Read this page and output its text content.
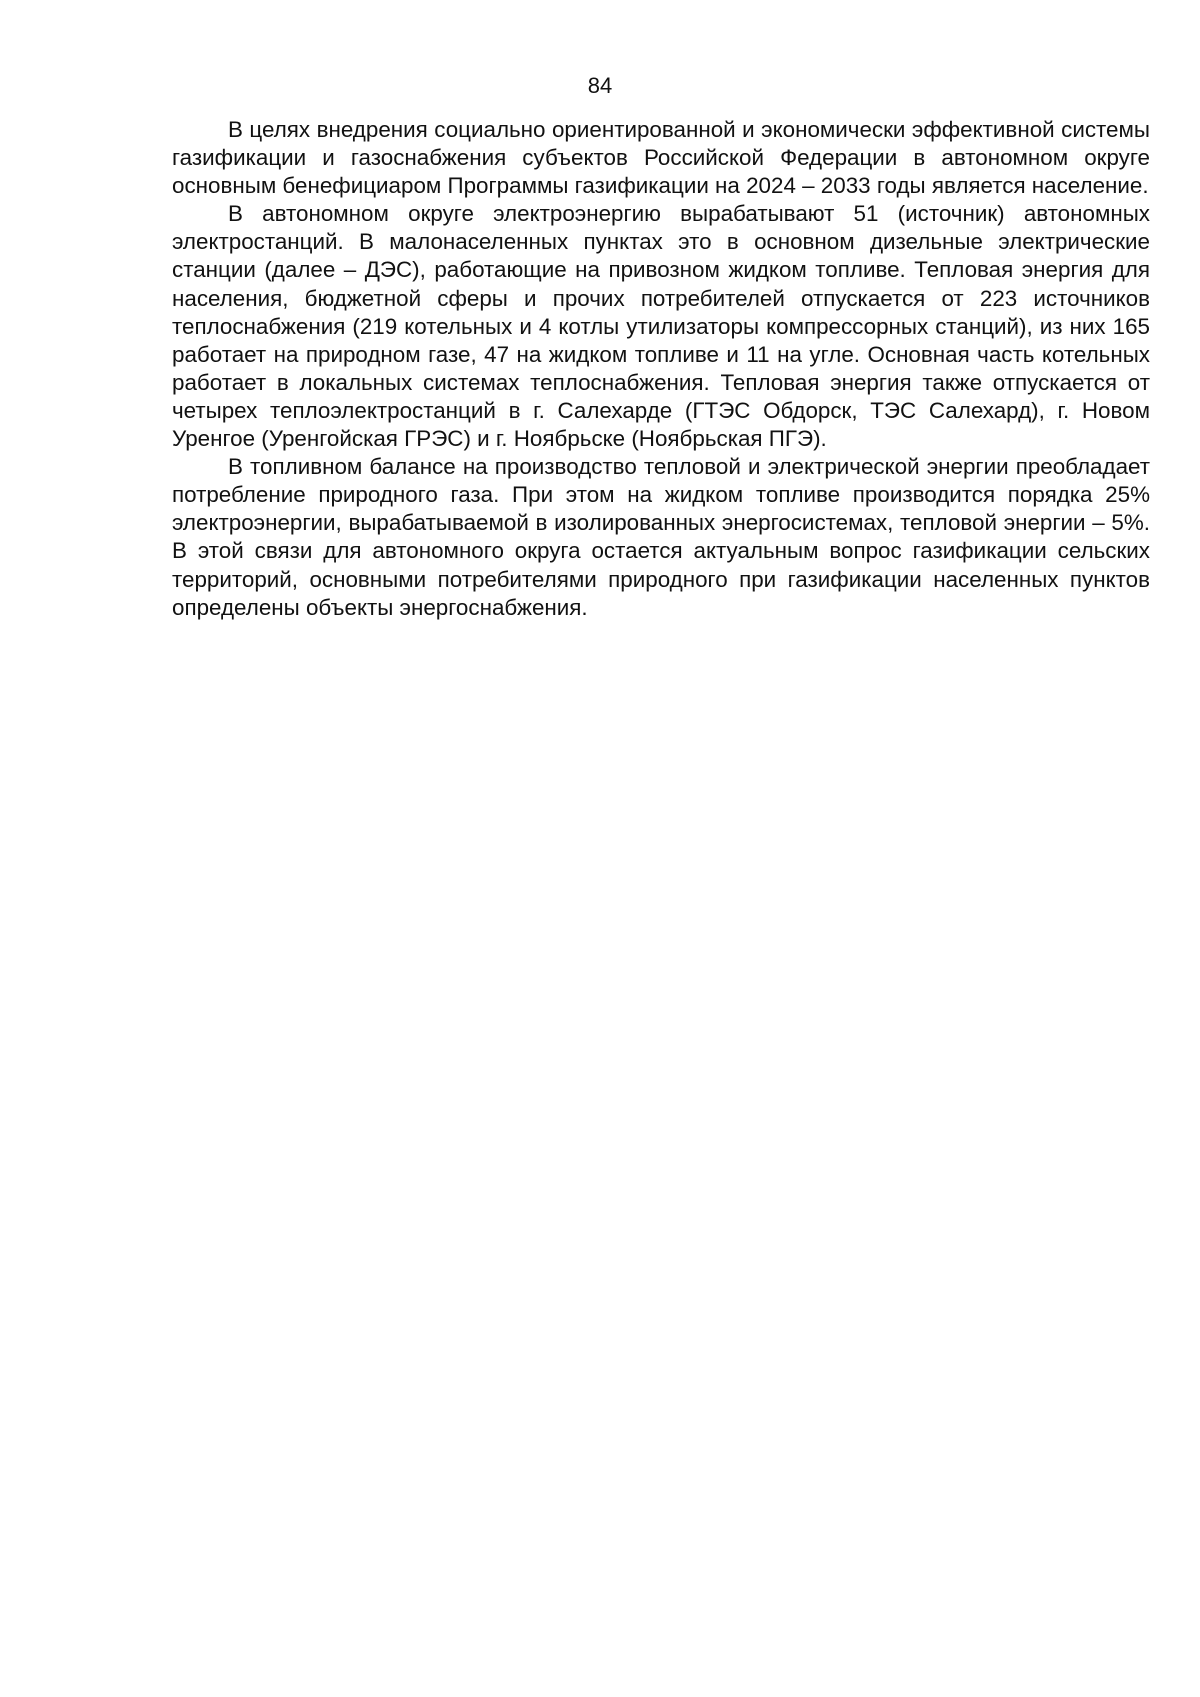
84

В целях внедрения социально ориентированной и экономически эффективной системы газификации и газоснабжения субъектов Российской Федерации в автономном округе основным бенефициаром Программы газификации на 2024 – 2033 годы является население.

В автономном округе электроэнергию вырабатывают 51 (источник) автономных электростанций. В малонаселенных пунктах это в основном дизельные электрические станции (далее – ДЭС), работающие на привозном жидком топливе. Тепловая энергия для населения, бюджетной сферы и прочих потребителей отпускается от 223 источников теплоснабжения (219 котельных и 4 котлы утилизаторы компрессорных станций), из них 165 работает на природном газе, 47 на жидком топливе и 11 на угле. Основная часть котельных работает в локальных системах теплоснабжения. Тепловая энергия также отпускается от четырех теплоэлектростанций в г. Салехарде (ГТЭС Обдорск, ТЭС Салехард), г. Новом Уренгое (Уренгойская ГРЭС) и г. Ноябрьске (Ноябрьская ПГЭ).

В топливном балансе на производство тепловой и электрической энергии преобладает потребление природного газа. При этом на жидком топливе производится порядка 25% электроэнергии, вырабатываемой в изолированных энергосистемах, тепловой энергии – 5%. В этой связи для автономного округа остается актуальным вопрос газификации сельских территорий, основными потребителями природного при газификации населенных пунктов определены объекты энергоснабжения.
